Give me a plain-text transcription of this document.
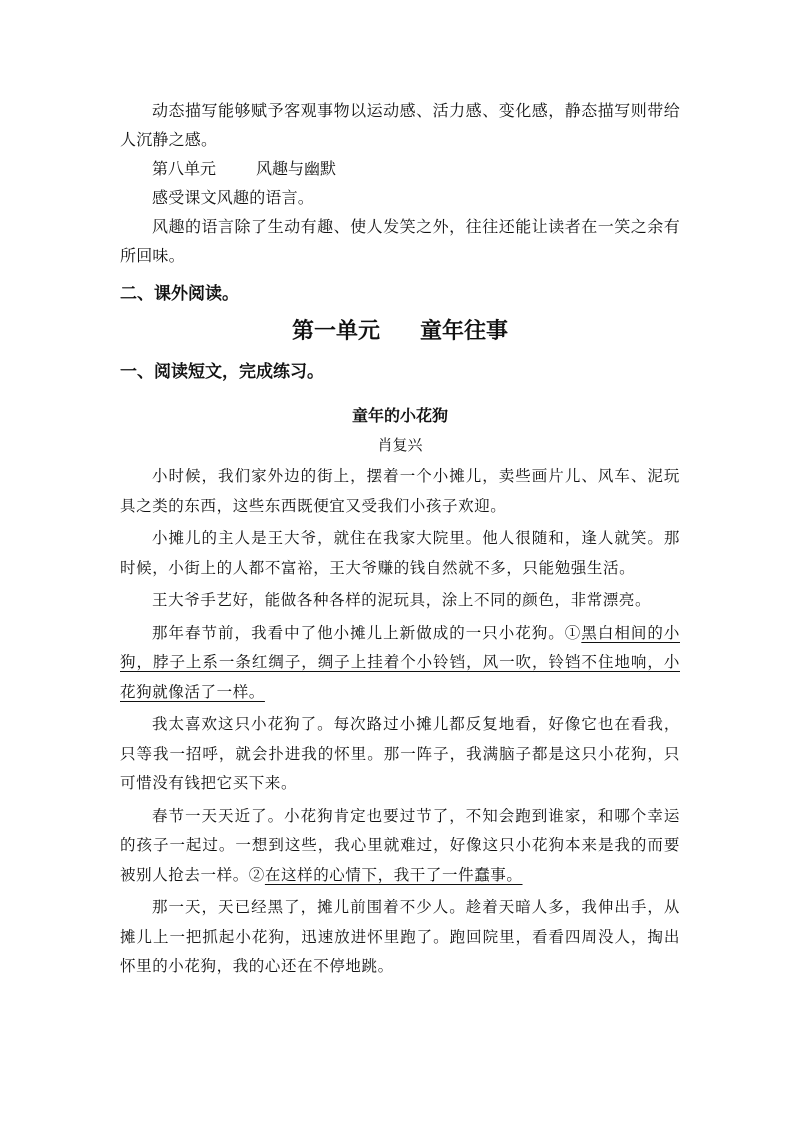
动态描写能够赋予客观事物以运动感、活力感、变化感，静态描写则带给人沉静之感。

第八单元	风趣与幽默

感受课文风趣的语言。

风趣的语言除了生动有趣、使人发笑之外，往往还能让读者在一笑之余有所回味。

二、课外阅读。
第一单元 童年往事
一、阅读短文，完成练习。
童年的小花狗
肖复兴

小时候，我们家外边的街上，摆着一个小摊儿，卖些画片儿、风车、泥玩具之类的东西，这些东西既便宜又受我们小孩子欢迎。

小摊儿的主人是王大爷，就住在我家大院里。他人很随和，逢人就笑。那时候，小街上的人都不富裕，王大爷赚的钱自然就不多，只能勉强生活。

王大爷手艺好，能做各种各样的泥玩具，涂上不同的颜色，非常漂亮。

那年春节前，我看中了他小摊儿上新做成的一只小花狗。①黑白相间的小狗，脖子上系一条红绸子，绸子上挂着个小铃铛，风一吹，铃铛不住地响，小花狗就像活了一样。

我太喜欢这只小花狗了。每次路过小摊儿都反复地看，好像它也在看我，只等我一招呼，就会扑进我的怀里。那一阵子，我满脑子都是这只小花狗，只可惜没有钱把它买下来。

春节一天天近了。小花狗肯定也要过节了，不知会跑到谁家，和哪个幸运的孩子一起过。一想到这些，我心里就难过，好像这只小花狗本来是我的而要被别人抢去一样。②在这样的心情下，我干了一件蠢事。

那一天，天已经黑了，摊儿前围着不少人。趁着天暗人多，我伸出手，从摊儿上一把抓起小花狗，迅速放进怀里跑了。跑回院里，看看四周没人，掏出怀里的小花狗，我的心还在不停地跳。
